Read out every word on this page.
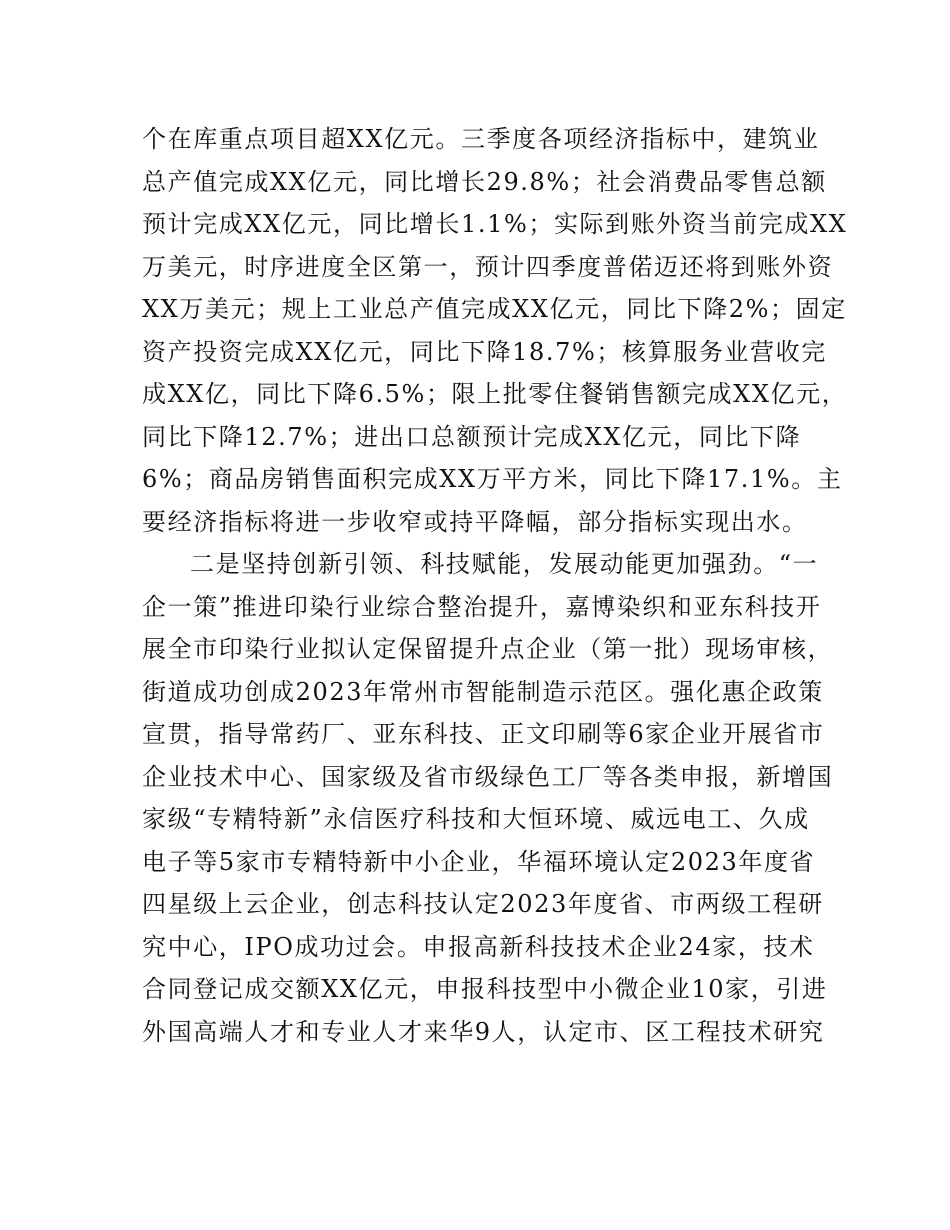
个在库重点项目超XX亿元。三季度各项经济指标中，建筑业
总产值完成XX亿元，同比增长29.8%；社会消费品零售总额
预计完成XX亿元，同比增长1.1%；实际到账外资当前完成XX
万美元，时序进度全区第一，预计四季度普偌迈还将到账外资
XX万美元；规上工业总产值完成XX亿元，同比下降2%；固定
资产投资完成XX亿元，同比下降18.7%；核算服务业营收完
成XX亿，同比下降6.5%；限上批零住餐销售额完成XX亿元，
同比下降12.7%；进出口总额预计完成XX亿元，同比下降
6%；商品房销售面积完成XX万平方米，同比下降17.1%。主
要经济指标将进一步收窄或持平降幅，部分指标实现出水。
二是坚持创新引领、科技赋能，发展动能更加强劲。“一
企一策”推进印染行业综合整治提升，嘉博染织和亚东科技开
展全市印染行业拟认定保留提升点企业（第一批）现场审核，
街道成功创成2023年常州市智能制造示范区。强化惠企政策
宣贯，指导常药厂、亚东科技、正文印刷等6家企业开展省市
企业技术中心、国家级及省市级绿色工厂等各类申报，新增国
家级“专精特新”永信医疗科技和大恒环境、威远电工、久成
电子等5家市专精特新中小企业，华福环境认定2023年度省
四星级上云企业，创志科技认定2023年度省、市两级工程研
究中心，IPO成功过会。申报高新科技技术企业24家，技术
合同登记成交额XX亿元，申报科技型中小微企业10家，引进
外国高端人才和专业人才来华9人，认定市、区工程技术研究
